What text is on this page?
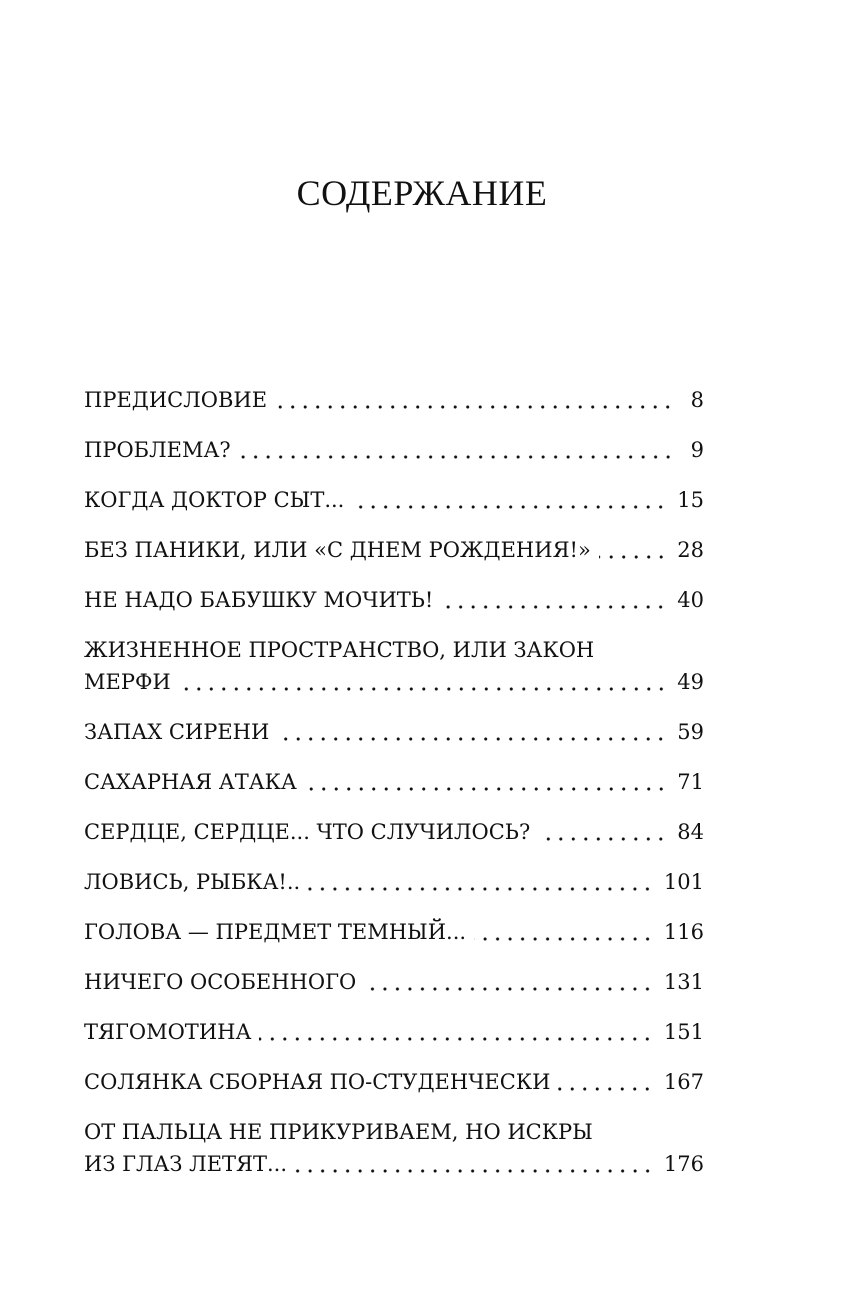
СОДЕРЖАНИЕ
ПРЕДИСЛОВИЕ	8
ПРОБЛЕМА?	9
КОГДА ДОКТОР СЫТ...	15
БЕЗ ПАНИКИ, ИЛИ «С ДНЕМ РОЖДЕНИЯ!»	28
НЕ НАДО БАБУШКУ МОЧИТЬ!	40
ЖИЗНЕННОЕ ПРОСТРАНСТВО, ИЛИ ЗАКОН
МЕРФИ	49
ЗАПАХ СИРЕНИ	59
САХАРНАЯ АТАКА	71
СЕРДЦЕ, СЕРДЦЕ... ЧТО СЛУЧИЛОСЬ?	84
ЛОВИСЬ, РЫБКА!..	101
ГОЛОВА — ПРЕДМЕТ ТЕМНЫЙ...	116
НИЧЕГО ОСОБЕННОГО	131
ТЯГОМОТИНА	151
СОЛЯНКА СБОРНАЯ ПО-СТУДЕНЧЕСКИ	167
ОТ ПАЛЬЦА НЕ ПРИКУРИВАЕМ, НО ИСКРЫ
ИЗ ГЛАЗ ЛЕТЯТ...	176
